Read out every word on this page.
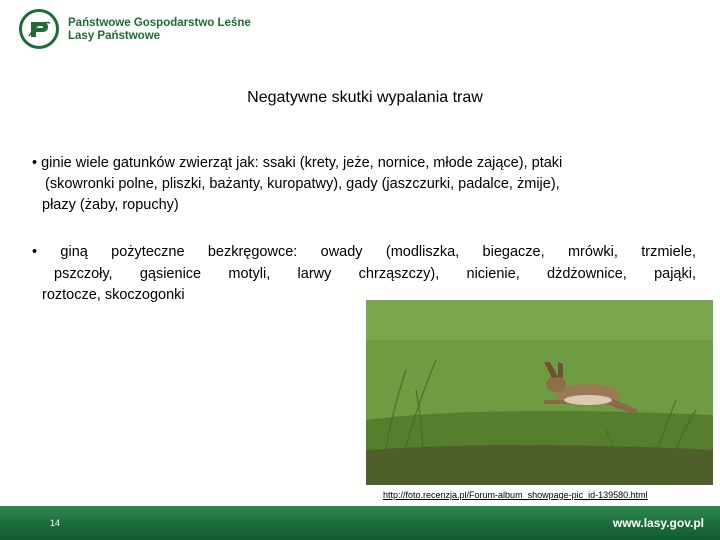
Państwowe Gospodarstwo Leśne
Lasy Państwowe
Negatywne skutki wypalania traw
• ginie wiele gatunków zwierząt jak: ssaki (krety, jeże, nornice, młode zające), ptaki
(skowronki polne, pliszki, bażanty, kuropatwy), gady (jaszczurki, padalce, żmije),
płazy (żaby, ropuchy)
• giną pożyteczne bezkręgowce: owady (modliszka, biegacze, mrówki, trzmiele,
pszczoły, gąsienice motyli, larwy chrząszczy), nicienie, dżdżownice, pająki,
roztocze, skoczogonki
http://foto.recenzja.pl/Forum-album_showpage-pic_id-139580.html
14	www.lasy.gov.pl
